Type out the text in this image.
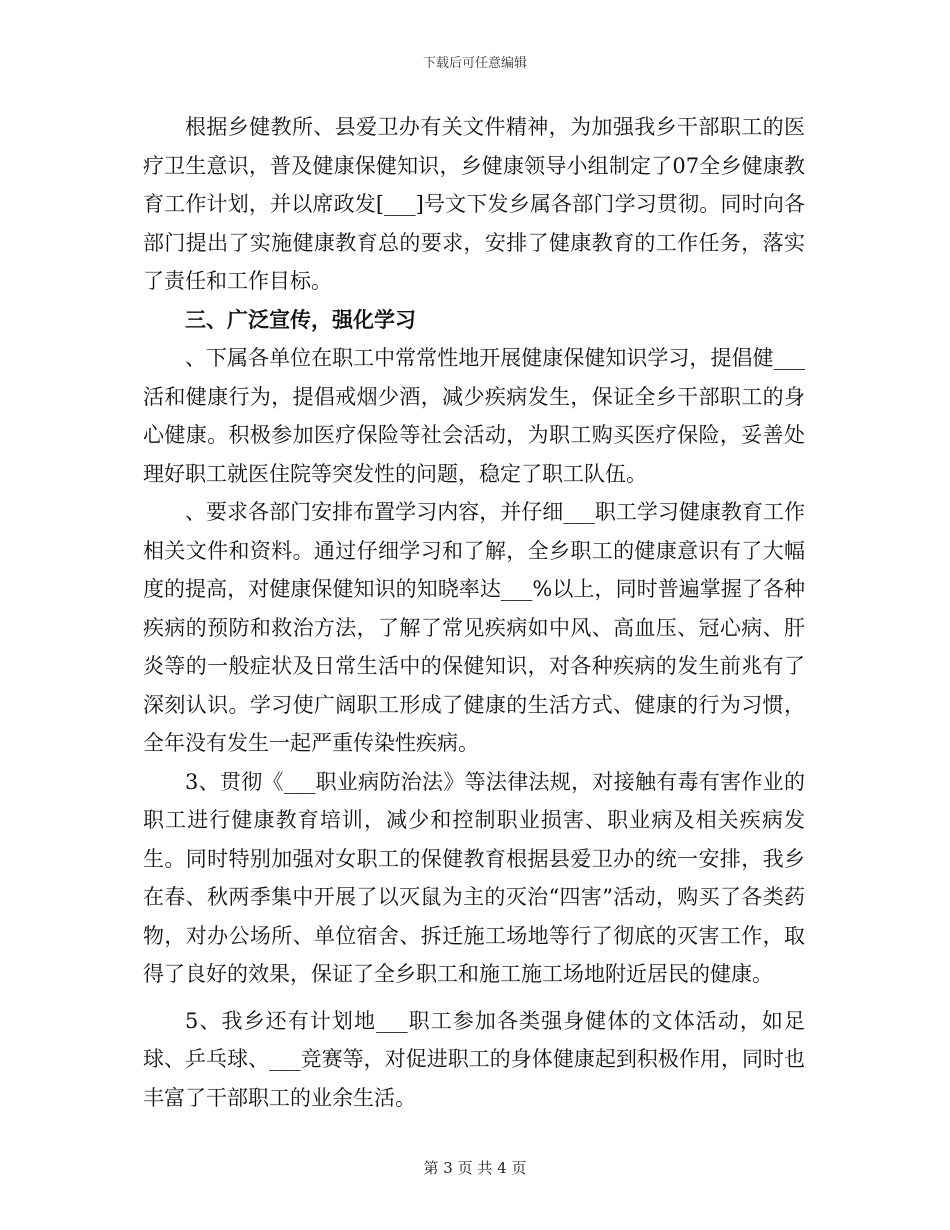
下载后可任意编辑

根据乡健教所、县爱卫办有关文件精神，为加强我乡干部职工的医疗卫生意识，普及健康保健知识，乡健康领导小组制定了07全乡健康教育工作计划，并以席政发[___]号文下发乡属各部门学习贯彻。同时向各部门提出了实施健康教育总的要求，安排了健康教育的工作任务，落实了责任和工作目标。

三、广泛宣传，强化学习

、下属各单位在职工中常常性地开展健康保健知识学习，提倡健___活和健康行为，提倡戒烟少酒，减少疾病发生，保证全乡干部职工的身心健康。积极参加医疗保险等社会活动，为职工购买医疗保险，妥善处理好职工就医住院等突发性的问题，稳定了职工队伍。

、要求各部门安排布置学习内容，并仔细___职工学习健康教育工作相关文件和资料。通过仔细学习和了解，全乡职工的健康意识有了大幅度的提高，对健康保健知识的知晓率达___%以上，同时普遍掌握了各种疾病的预防和救治方法，了解了常见疾病如中风、高血压、冠心病、肝炎等的一般症状及日常生活中的保健知识，对各种疾病的发生前兆有了深刻认识。学习使广阔职工形成了健康的生活方式、健康的行为习惯，全年没有发生一起严重传染性疾病。

3、贯彻《___职业病防治法》等法律法规，对接触有毒有害作业的职工进行健康教育培训，减少和控制职业损害、职业病及相关疾病发生。同时特别加强对女职工的保健教育根据县爱卫办的统一安排，我乡在春、秋两季集中开展了以灭鼠为主的灭治“四害”活动，购买了各类药物，对办公场所、单位宿舍、拆迁施工场地等行了彻底的灭害工作，取得了良好的效果，保证了全乡职工和施工施工场地附近居民的健康。

5、我乡还有计划地___职工参加各类强身健体的文体活动，如足球、乒乓球、___竞赛等，对促进职工的身体健康起到积极作用，同时也丰富了干部职工的业余生活。

第 3 页 共 4 页
